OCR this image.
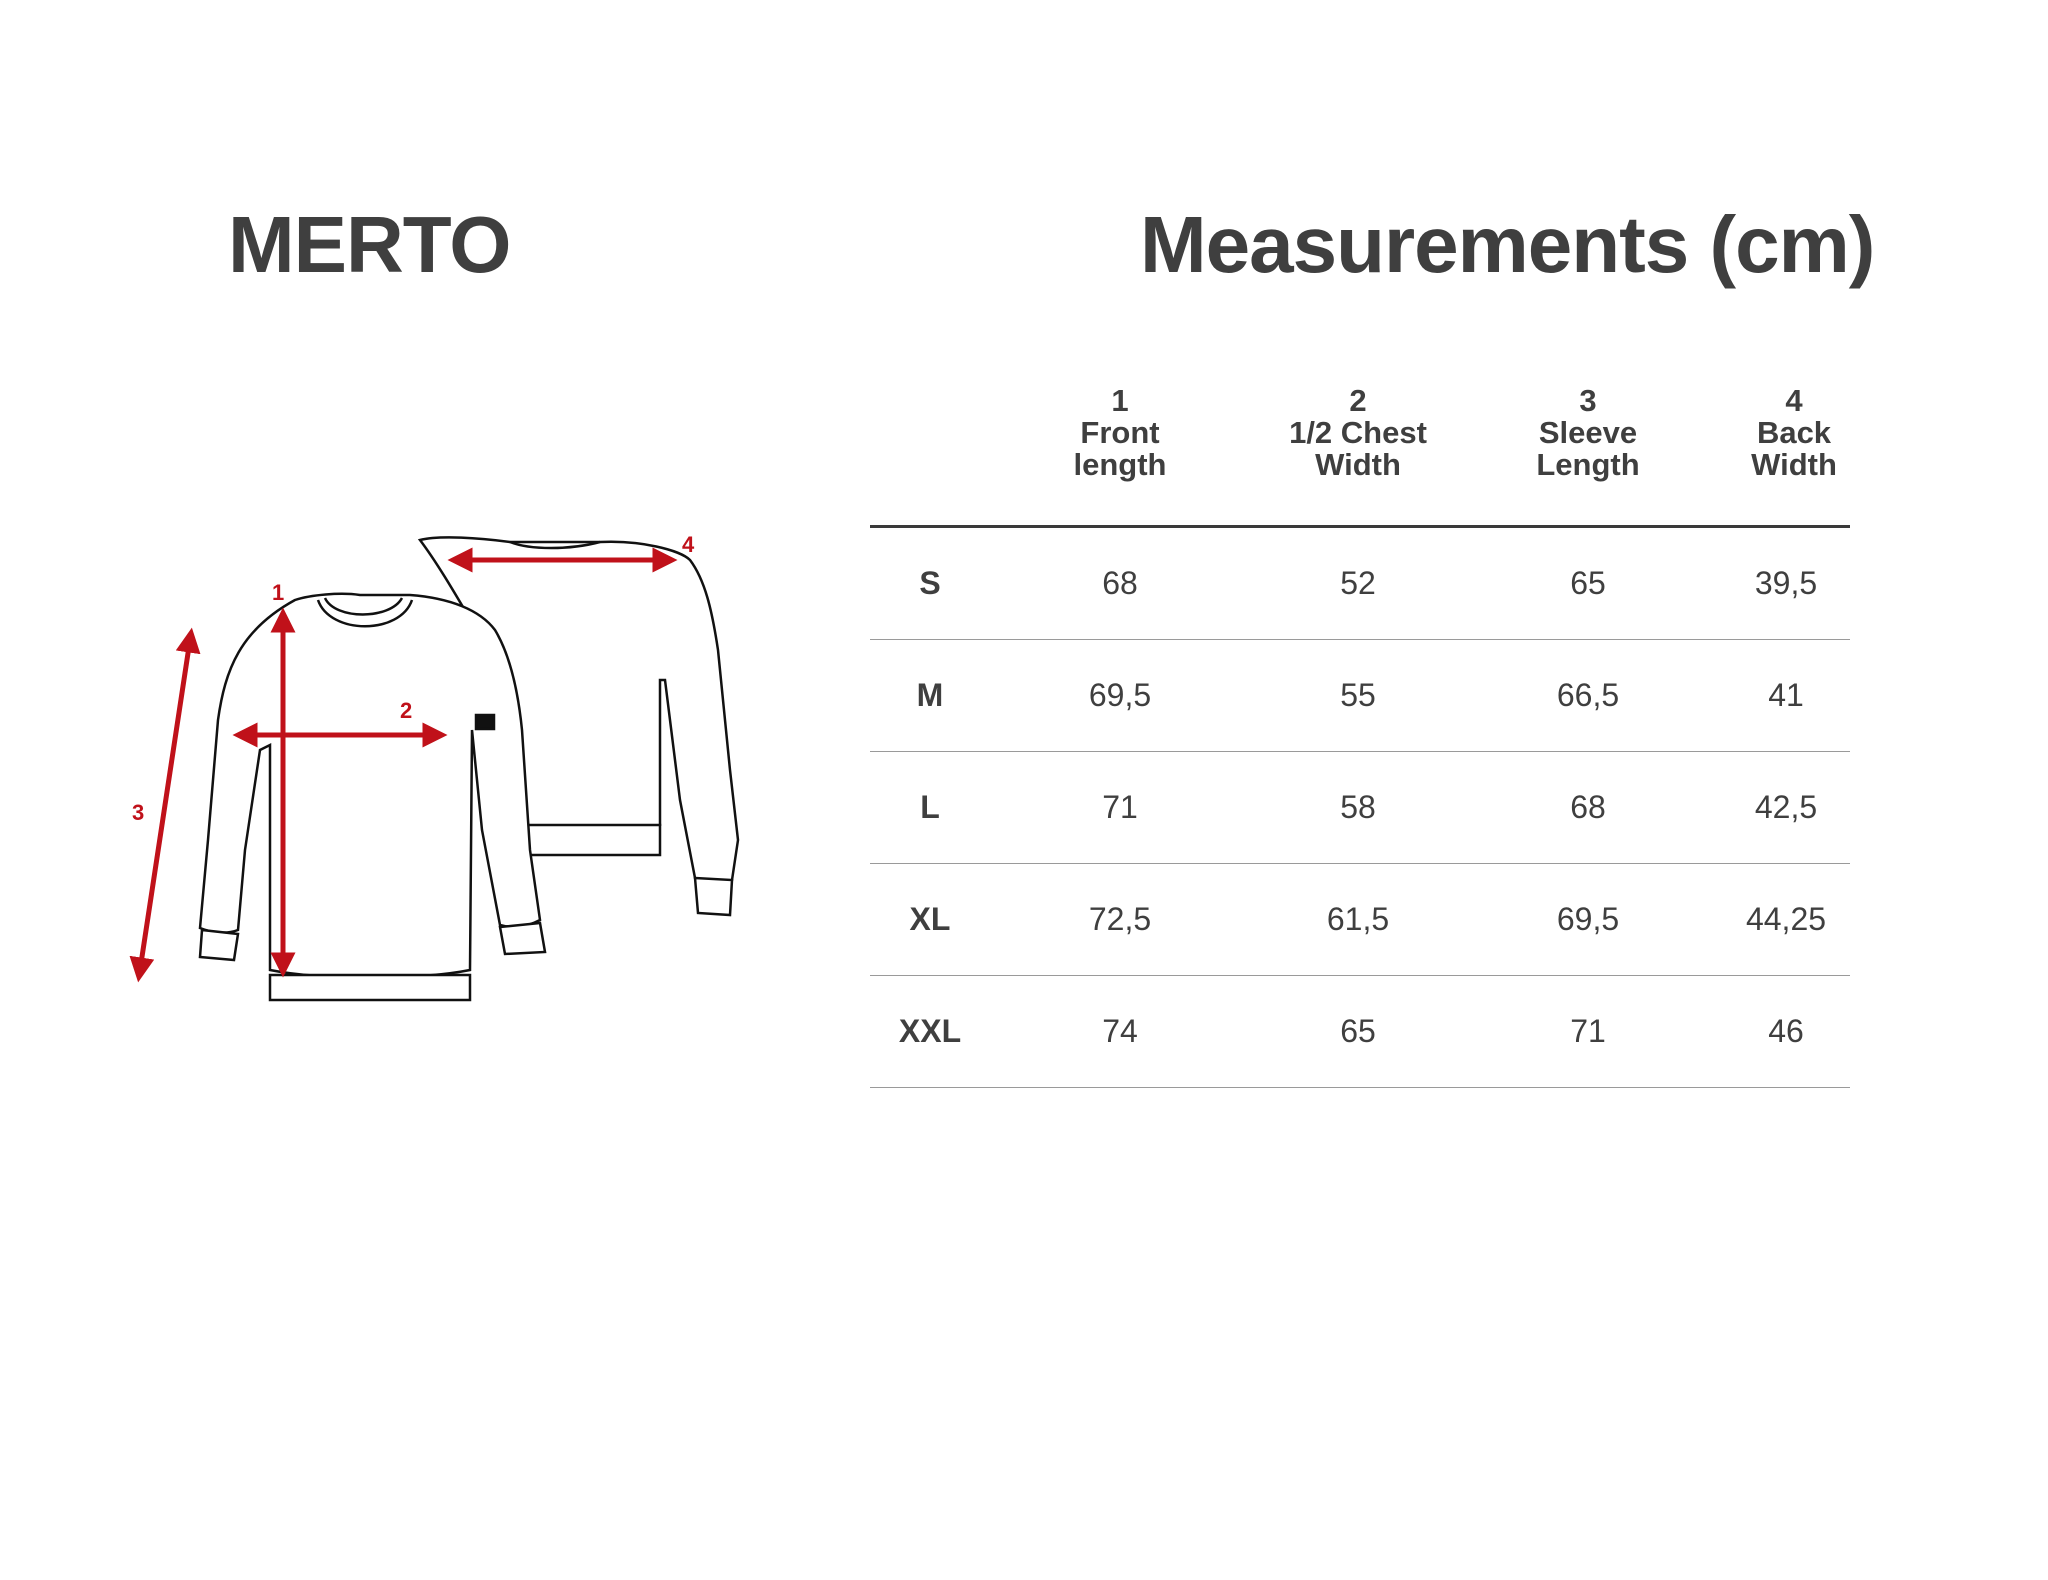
MERTO	Measurements (cm)
1
2
3
4
1
Front
length
2
1/2 Chest
Width
3
Sleeve
Length
4
Back
Width
S	68	52	65	39,5
M	69,5	55	66,5	41
L	71	58	68	42,5
XL	72,5	61,5	69,5	44,25
XXL	74	65	71	46
